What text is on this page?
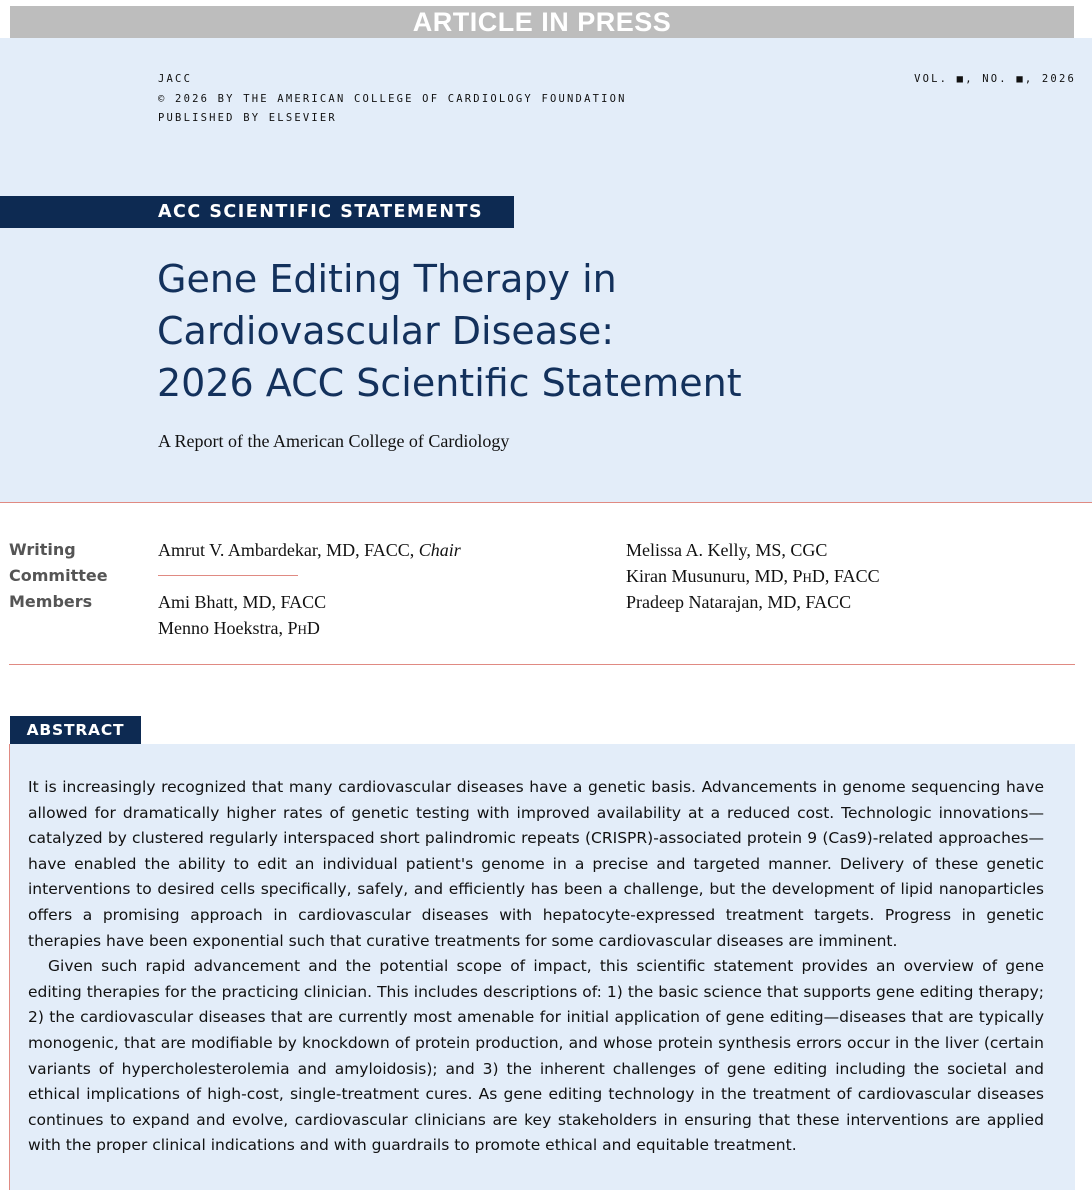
ARTICLE IN PRESS
JACC
© 2026 BY THE AMERICAN COLLEGE OF CARDIOLOGY FOUNDATION
PUBLISHED BY ELSEVIER
VOL. ■, NO. ■, 2026
ACC SCIENTIFIC STATEMENTS
Gene Editing Therapy in
Cardiovascular Disease:
2026 ACC Scientific Statement
A Report of the American College of Cardiology
Writing
Committee
Members
Amrut V. Ambardekar, MD, FACC, Chair
Ami Bhatt, MD, FACC
Menno Hoekstra, PhD
Melissa A. Kelly, MS, CGC
Kiran Musunuru, MD, PhD, FACC
Pradeep Natarajan, MD, FACC
ABSTRACT

It is increasingly recognized that many cardiovascular diseases have a genetic basis. Advancements in genome sequencing have allowed for dramatically higher rates of genetic testing with improved availability at a reduced cost. Technologic innovations—catalyzed by clustered regularly interspaced short palindromic repeats (CRISPR)-associated protein 9 (Cas9)-related approaches—have enabled the ability to edit an individual patient's genome in a precise and targeted manner. Delivery of these genetic interventions to desired cells specifically, safely, and efficiently has been a challenge, but the development of lipid nanoparticles offers a promising approach in cardiovascular diseases with hepatocyte-expressed treatment targets. Progress in genetic therapies have been exponential such that curative treatments for some cardiovascular diseases are imminent.

Given such rapid advancement and the potential scope of impact, this scientific statement provides an overview of gene editing therapies for the practicing clinician. This includes descriptions of: 1) the basic science that supports gene editing therapy; 2) the cardiovascular diseases that are currently most amenable for initial application of gene editing—diseases that are typically monogenic, that are modifiable by knockdown of protein production, and whose protein synthesis errors occur in the liver (certain variants of hypercholesterolemia and amyloidosis); and 3) the inherent challenges of gene editing including the societal and ethical implications of high-cost, single-treatment cures. As gene editing technology in the treatment of cardiovascular diseases continues to expand and evolve, cardiovascular clinicians are key stakeholders in ensuring that these interventions are applied with the proper clinical indications and with guardrails to promote ethical and equitable treatment.
